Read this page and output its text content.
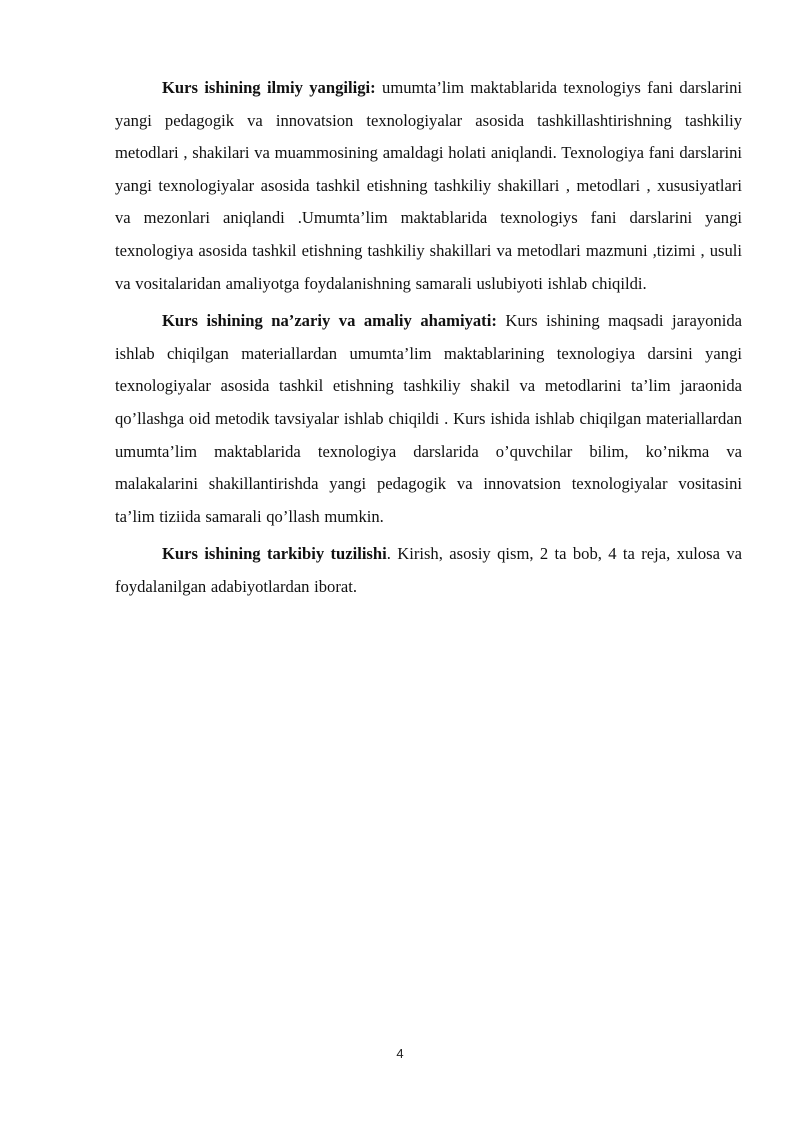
Kurs ishining ilmiy yangiligi: umumta’lim maktablarida texnologiys fani darslarini yangi pedagogik va innovatsion texnologiyalar asosida tashkillashtirishning tashkiliy metodlari , shakilari va muammosining amaldagi holati aniqlandi. Texnologiya fani darslarini yangi texnologiyalar asosida tashkil etishning tashkiliy shakillari , metodlari , xususiyatlari va mezonlari aniqlandi .Umumta’lim maktablarida texnologiys fani darslarini yangi texnologiya asosida tashkil etishning tashkiliy shakillari va metodlari mazmuni ,tizimi , usuli va vositalaridan amaliyotga foydalanishning samarali uslubiyoti ishlab chiqildi.

Kurs ishining na’zariy va amaliy ahamiyati: Kurs ishining maqsadi jarayonida ishlab chiqilgan materiallardan umumta’lim maktablarining texnologiya darsini yangi texnologiyalar asosida tashkil etishning tashkiliy shakil va metodlarini ta’lim jaraonida qo’llashga oid metodik tavsiyalar ishlab chiqildi . Kurs ishida ishlab chiqilgan materiallardan umumta’lim maktablarida texnologiya darslarida o’quvchilar bilim, ko’nikma va malakalarini shakillantirishda yangi pedagogik va innovatsion texnologiyalar vositasini ta’lim tiziida samarali qo’llash mumkin.

Kurs ishining tarkibiy tuzilishi. Kirish, asosiy qism, 2 ta bob, 4 ta reja, xulosa va foydalanilgan adabiyotlardan iborat.

4
